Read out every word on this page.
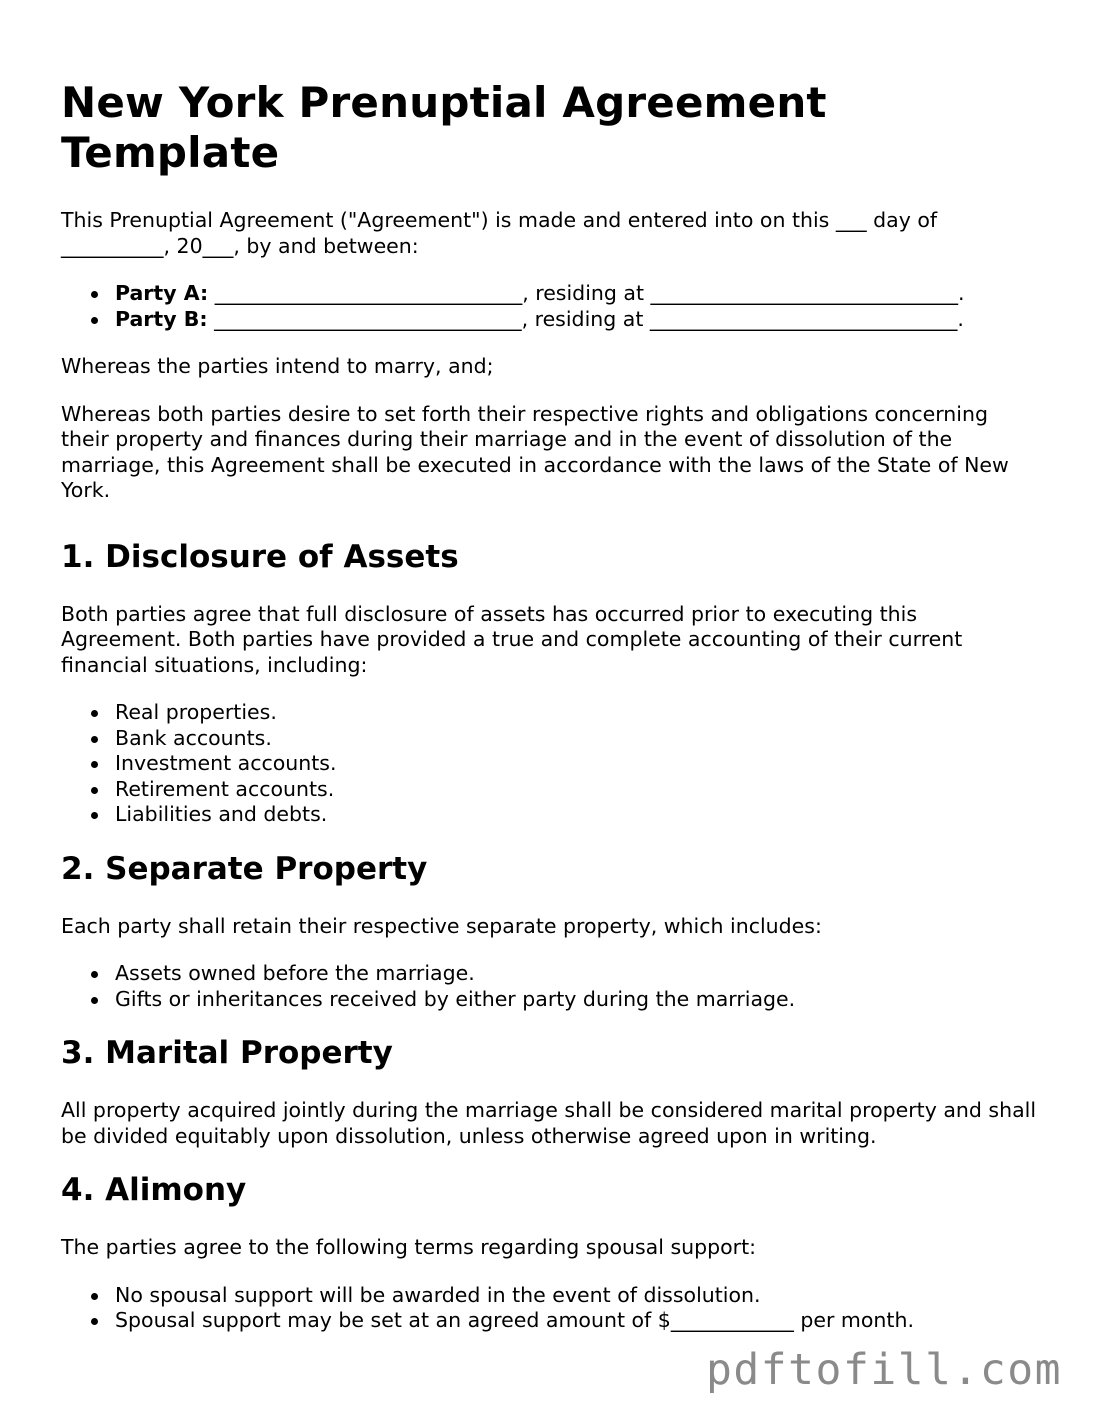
New York Prenuptial Agreement Template

This Prenuptial Agreement ("Agreement") is made and entered into on this ___ day of __________, 20___, by and between:

Party A: ______________________________, residing at ______________________________.
Party B: ______________________________, residing at ______________________________.

Whereas the parties intend to marry, and;

Whereas both parties desire to set forth their respective rights and obligations concerning their property and finances during their marriage and in the event of dissolution of the marriage, this Agreement shall be executed in accordance with the laws of the State of New York.

1. Disclosure of Assets

Both parties agree that full disclosure of assets has occurred prior to executing this Agreement. Both parties have provided a true and complete accounting of their current financial situations, including:

Real properties.
Bank accounts.
Investment accounts.
Retirement accounts.
Liabilities and debts.
2. Separate Property

Each party shall retain their respective separate property, which includes:

Assets owned before the marriage.
Gifts or inheritances received by either party during the marriage.
3. Marital Property

All property acquired jointly during the marriage shall be considered marital property and shall be divided equitably upon dissolution, unless otherwise agreed upon in writing.

4. Alimony

The parties agree to the following terms regarding spousal support:

No spousal support will be awarded in the event of dissolution.
Spousal support may be set at an agreed amount of $____________ per month.
pdftofill.com
